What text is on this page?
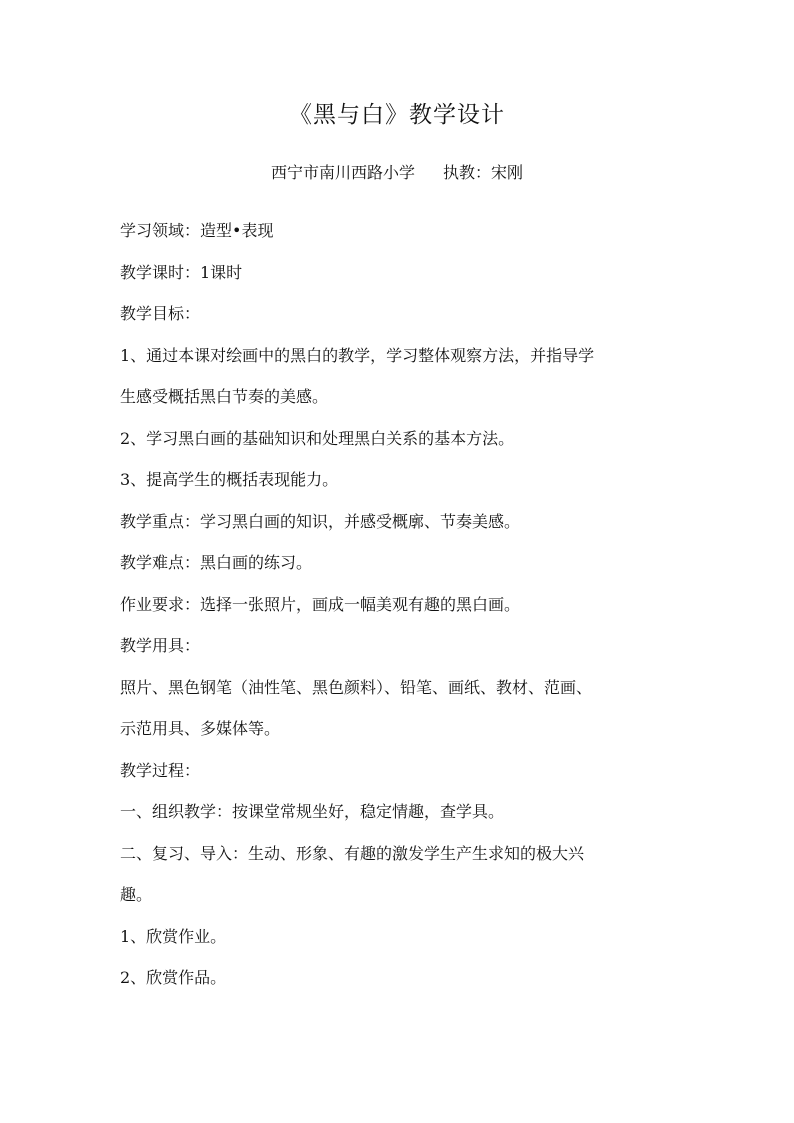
《黑与白》教学设计
西宁市南川西路小学 执教：宋刚
学习领域：造型•表现
教学课时：1课时
教学目标：
1、通过本课对绘画中的黑白的教学，学习整体观察方法，并指导学
生感受概括黑白节奏的美感。
2、学习黑白画的基础知识和处理黑白关系的基本方法。
3、提高学生的概括表现能力。
教学重点：学习黑白画的知识，并感受概廓、节奏美感。
教学难点：黑白画的练习。
作业要求：选择一张照片，画成一幅美观有趣的黑白画。
教学用具：
照片、黑色钢笔（油性笔、黑色颜料）、铅笔、画纸、教材、范画、
示范用具、多媒体等。
教学过程：
一、组织教学：按课堂常规坐好，稳定情趣，查学具。
二、复习、导入：生动、形象、有趣的激发学生产生求知的极大兴
趣。
1、欣赏作业。
2、欣赏作品。
